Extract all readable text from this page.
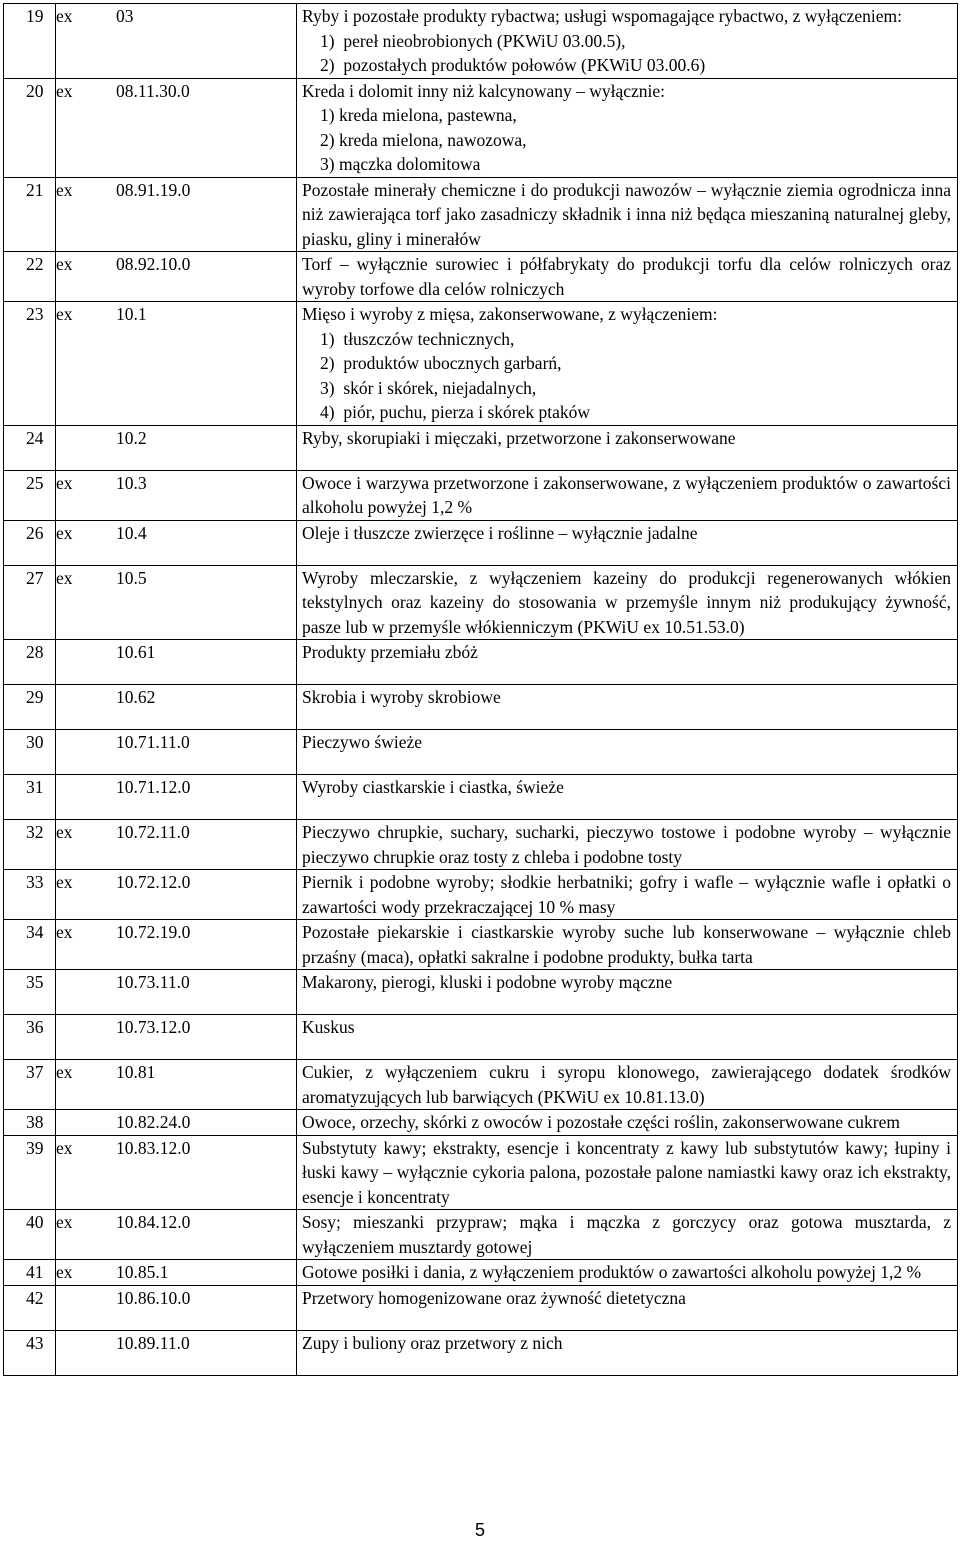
19	ex 03	Ryby i pozostałe produkty rybactwa; usługi wspomagające rybactwo, z wyłączeniem:
1)  pereł nieobrobionych (PKWiU 03.00.5),
2)  pozostałych produktów połowów (PKWiU 03.00.6)

20	ex 08.11.30.0	Kreda i dolomit inny niż kalcynowany – wyłącznie:
1) kreda mielona, pastewna,
2) kreda mielona, nawozowa,
3) mączka dolomitowa

21	ex 08.91.19.0	Pozostałe minerały chemiczne i do produkcji nawozów – wyłącznie ziemia ogrodnicza inna niż zawierająca torf jako zasadniczy składnik i inna niż będąca mieszaniną naturalnej gleby, piasku, gliny i minerałów

22	ex 08.92.10.0	Torf – wyłącznie surowiec i półfabrykaty do produkcji torfu dla celów rolniczych oraz wyroby torfowe dla celów rolniczych

23	ex 10.1	Mięso i wyroby z mięsa, zakonserwowane, z wyłączeniem:
1)  tłuszczów technicznych,
2)  produktów ubocznych garbarń,
3)  skór i skórek, niejadalnych,
4)  piór, puchu, pierza i skórek ptaków

24	10.2	Ryby, skorupiaki i mięczaki, przetworzone i zakonserwowane

25	ex 10.3	Owoce i warzywa przetworzone i zakonserwowane, z wyłączeniem produktów o zawartości alkoholu powyżej 1,2 %

26	ex 10.4	Oleje i tłuszcze zwierzęce i roślinne – wyłącznie jadalne

27	ex 10.5	Wyroby mleczarskie, z wyłączeniem kazeiny do produkcji regenerowanych włókien tekstylnych oraz kazeiny do stosowania w przemyśle innym niż produkujący żywność, pasze lub w przemyśle włókienniczym (PKWiU ex 10.51.53.0)

28	10.61	Produkty przemiału zbóż

29	10.62	Skrobia i wyroby skrobiowe

30	10.71.11.0	Pieczywo świeże

31	10.71.12.0	Wyroby ciastkarskie i ciastka, świeże

32	ex 10.72.11.0	Pieczywo chrupkie, suchary, sucharki, pieczywo tostowe i podobne wyroby – wyłącznie pieczywo chrupkie oraz tosty z chleba i podobne tosty

33	ex 10.72.12.0	Piernik i podobne wyroby; słodkie herbatniki; gofry i wafle – wyłącznie wafle i opłatki o zawartości wody przekraczającej 10 % masy

34	ex 10.72.19.0	Pozostałe piekarskie i ciastkarskie wyroby suche lub konserwowane – wyłącznie chleb przaśny (maca), opłatki sakralne i podobne produkty, bułka tarta

35	10.73.11.0	Makarony, pierogi, kluski i podobne wyroby mączne

36	10.73.12.0	Kuskus

37	ex 10.81	Cukier, z wyłączeniem cukru i syropu klonowego, zawierającego dodatek środków aromatyzujących lub barwiących (PKWiU ex 10.81.13.0)

38	10.82.24.0	Owoce, orzechy, skórki z owoców i pozostałe części roślin, zakonserwowane cukrem

39	ex 10.83.12.0	Substytuty kawy; ekstrakty, esencje i koncentraty z kawy lub substytutów kawy; łupiny i łuski kawy – wyłącznie cykoria palona, pozostałe palone namiastki kawy oraz ich ekstrakty, esencje i koncentraty

40	ex 10.84.12.0	Sosy; mieszanki przypraw; mąka i mączka z gorczycy oraz gotowa musztarda, z wyłączeniem musztardy gotowej

41	ex 10.85.1	Gotowe posiłki i dania, z wyłączeniem produktów o zawartości alkoholu powyżej 1,2 %

42	10.86.10.0	Przetwory homogenizowane oraz żywność dietetyczna

43	10.89.11.0	Zupy i buliony oraz przetwory z nich
5
